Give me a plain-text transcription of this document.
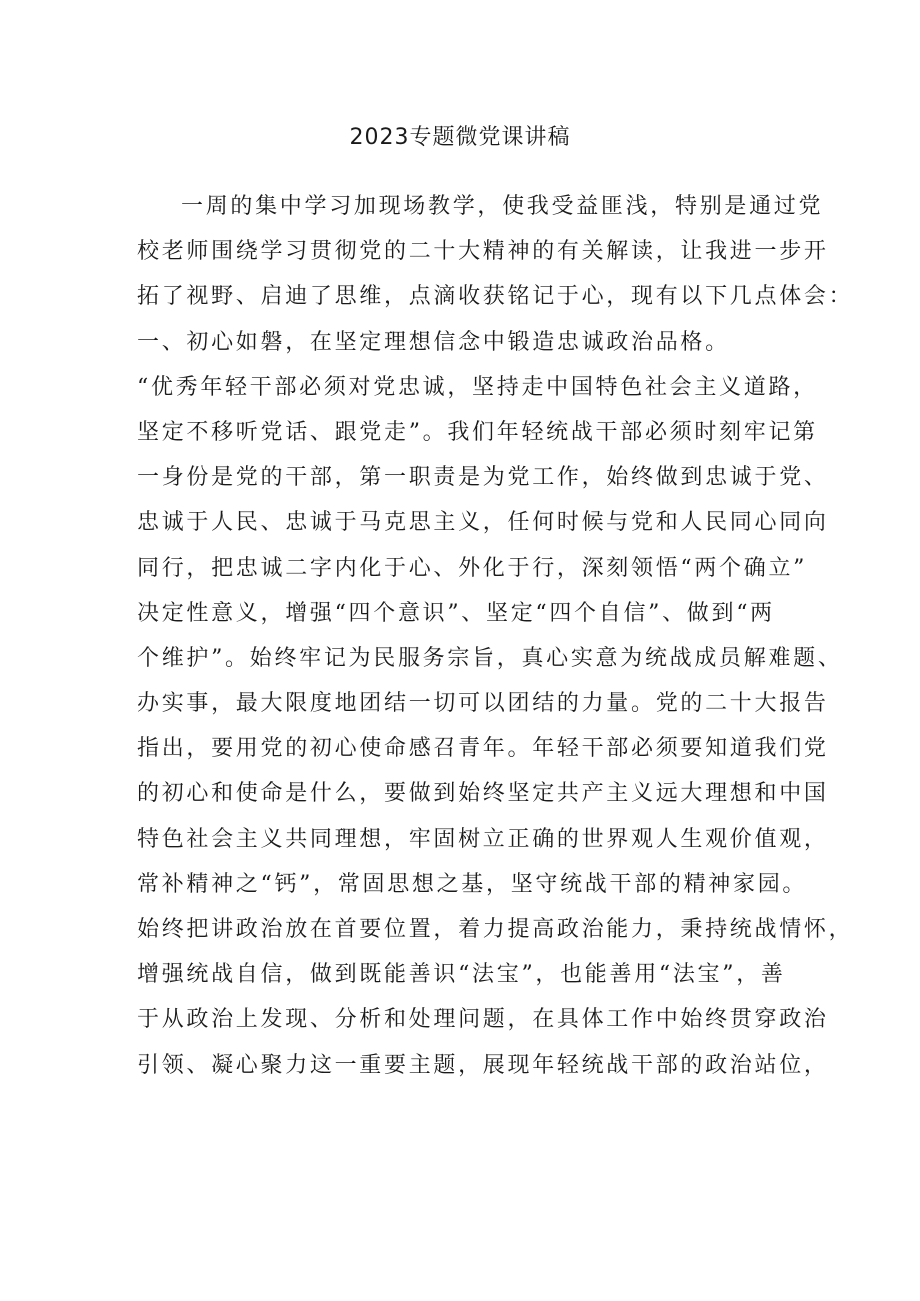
2023专题微党课讲稿
一周的集中学习加现场教学，使我受益匪浅，特别是通过党
校老师围绕学习贯彻党的二十大精神的有关解读，让我进一步开
拓了视野、启迪了思维，点滴收获铭记于心，现有以下几点体会：
一、初心如磐，在坚定理想信念中锻造忠诚政治品格。
“优秀年轻干部必须对党忠诚，坚持走中国特色社会主义道路，
坚定不移听党话、跟党走”。我们年轻统战干部必须时刻牢记第
一身份是党的干部，第一职责是为党工作，始终做到忠诚于党、
忠诚于人民、忠诚于马克思主义，任何时候与党和人民同心同向
同行，把忠诚二字内化于心、外化于行，深刻领悟“两个确立”
决定性意义，增强“四个意识”、坚定“四个自信”、做到“两
个维护”。始终牢记为民服务宗旨，真心实意为统战成员解难题、
办实事，最大限度地团结一切可以团结的力量。党的二十大报告
指出，要用党的初心使命感召青年。年轻干部必须要知道我们党
的初心和使命是什么，要做到始终坚定共产主义远大理想和中国
特色社会主义共同理想，牢固树立正确的世界观人生观价值观，
常补精神之“钙”，常固思想之基，坚守统战干部的精神家园。
始终把讲政治放在首要位置，着力提高政治能力，秉持统战情怀，
增强统战自信，做到既能善识“法宝”，也能善用“法宝”，善
于从政治上发现、分析和处理问题，在具体工作中始终贯穿政治
引领、凝心聚力这一重要主题，展现年轻统战干部的政治站位，
